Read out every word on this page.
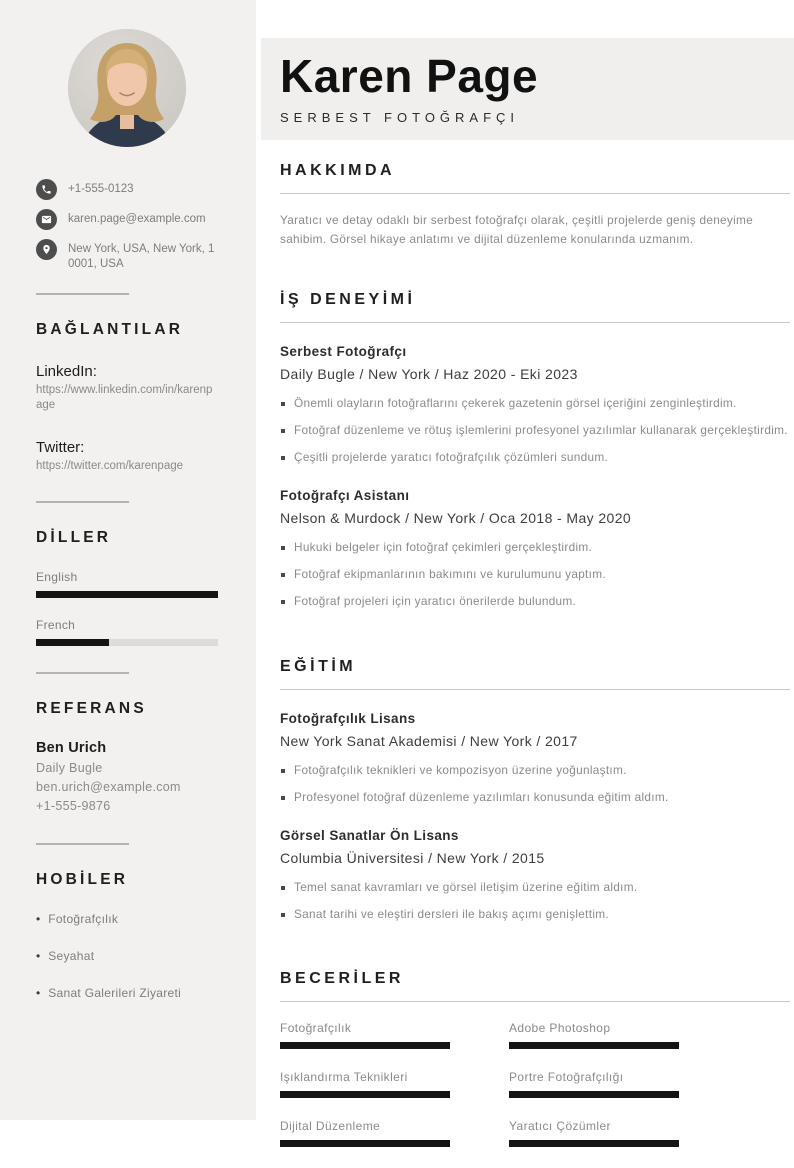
+1-555-0123
karen.page@example.com
New York, USA, New York, 10001, USA
BAĞLANTILAR
LinkedIn:
https://www.linkedin.com/in/karenpage
Twitter:
https://twitter.com/karenpage
DİLLER
English
French
REFERANS
Ben Urich
Daily Bugle
ben.urich@example.com
+1-555-9876
HOBİLER
• Fotoğrafçılık
• Seyahat
• Sanat Galerileri Ziyareti
Karen Page
SERBEST FOTOĞRAFÇI
HAKKIMDA

Yaratıcı ve detay odaklı bir serbest fotoğrafçı olarak, çeşitli projelerde geniş deneyime sahibim. Görsel hikaye anlatımı ve dijital düzenleme konularında uzmanım.

İŞ DENEYİMİ
Serbest Fotoğrafçı
Daily Bugle / New York / Haz 2020 - Eki 2023
Önemli olayların fotoğraflarını çekerek gazetenin görsel içeriğini zenginleştirdim.
Fotoğraf düzenleme ve rötuş işlemlerini profesyonel yazılımlar kullanarak gerçekleştirdim.
Çeşitli projelerde yaratıcı fotoğrafçılık çözümleri sundum.
Fotoğrafçı Asistanı
Nelson & Murdock / New York / Oca 2018 - May 2020
Hukuki belgeler için fotoğraf çekimleri gerçekleştirdim.
Fotoğraf ekipmanlarının bakımını ve kurulumunu yaptım.
Fotoğraf projeleri için yaratıcı önerilerde bulundum.
EĞİTİM
Fotoğrafçılık Lisans
New York Sanat Akademisi / New York / 2017
Fotoğrafçılık teknikleri ve kompozisyon üzerine yoğunlaştım.
Profesyonel fotoğraf düzenleme yazılımları konusunda eğitim aldım.
Görsel Sanatlar Ön Lisans
Columbia Üniversitesi / New York / 2015
Temel sanat kavramları ve görsel iletişim üzerine eğitim aldım.
Sanat tarihi ve eleştiri dersleri ile bakış açımı genişlettim.
BECERİLER
Fotoğrafçılık
Işıklandırma Teknikleri
Dijital Düzenleme
Adobe Photoshop
Portre Fotoğrafçılığı
Yaratıcı Çözümler
